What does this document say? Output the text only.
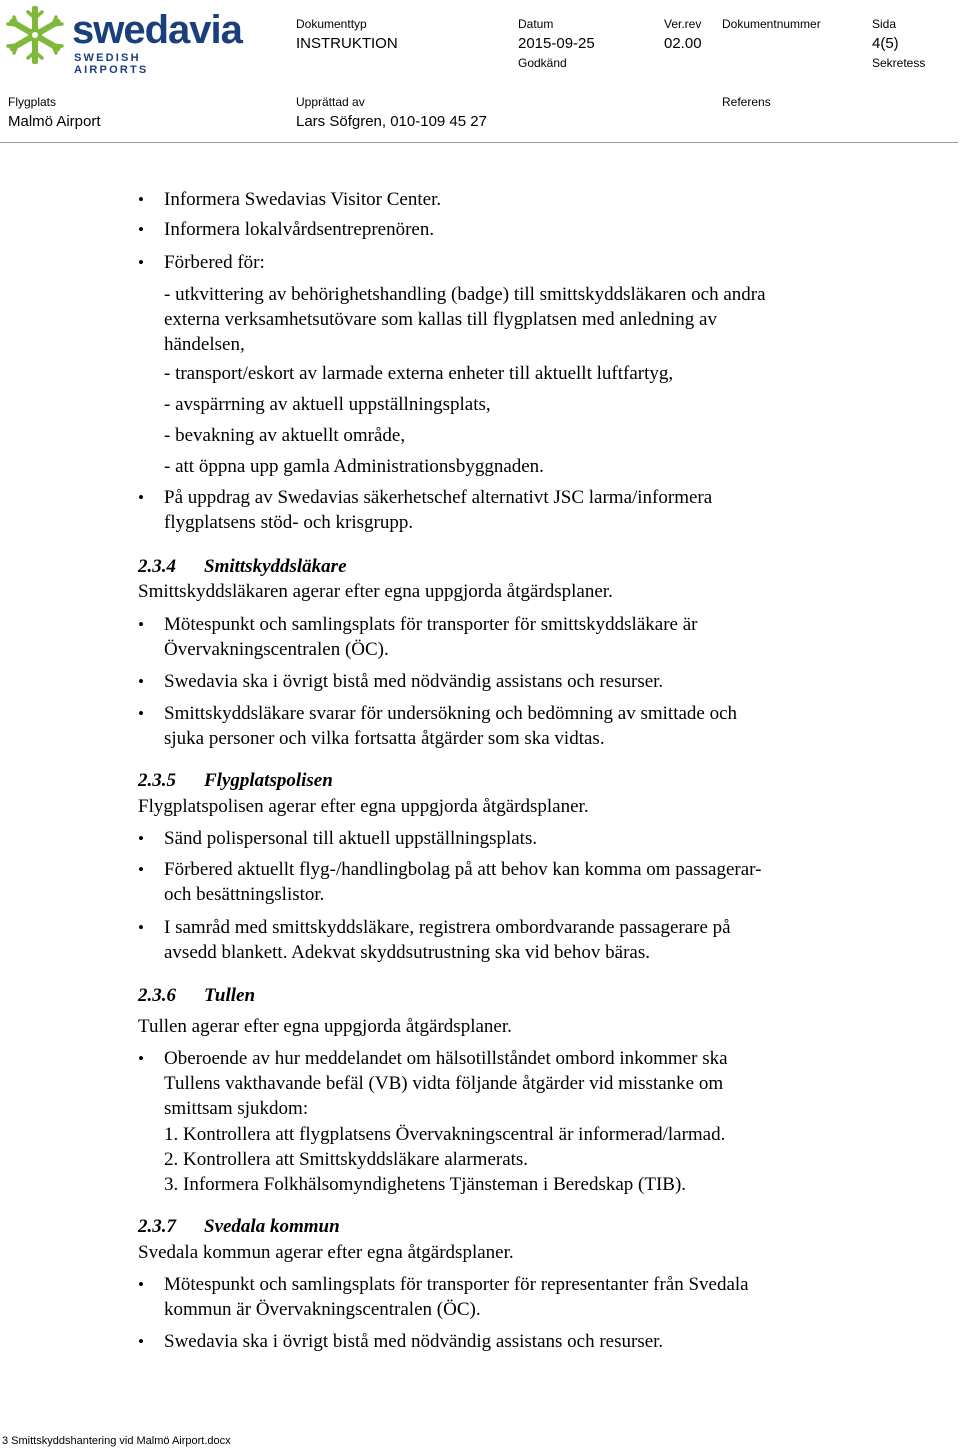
swedavia
SWEDISH AIRPORTS
Dokumenttyp
INSTRUKTION
Datum
2015-09-25
Godkänd
Ver.rev
02.00
Dokumentnummer	Sida
4(5)
Sekretess
Flygplats
Malmö Airport
Upprättad av
Lars Söfgren, 010-109 45 27
Referens
• Informera Swedavias Visitor Center.
• Informera lokalvårdsentreprenören.
• Förbered för:
- utkvittering av behörighetshandling (badge) till smittskyddsläkaren och andra
externa verksamhetsutövare som kallas till flygplatsen med anledning av
händelsen,
- transport/eskort av larmade externa enheter till aktuellt luftfartyg,
- avspärrning av aktuell uppställningsplats,
- bevakning av aktuellt område,
- att öppna upp gamla Administrationsbyggnaden.
• På uppdrag av Swedavias säkerhetschef alternativt JSC larma/informera
flygplatsens stöd- och krisgrupp.
2.3.4 Smittskyddsläkare
Smittskyddsläkaren agerar efter egna uppgjorda åtgärdsplaner.
• Mötespunkt och samlingsplats för transporter för smittskyddsläkare är
Övervakningscentralen (ÖC).
• Swedavia ska i övrigt bistå med nödvändig assistans och resurser.
• Smittskyddsläkare svarar för undersökning och bedömning av smittade och
sjuka personer och vilka fortsatta åtgärder som ska vidtas.
2.3.5 Flygplatspolisen
Flygplatspolisen agerar efter egna uppgjorda åtgärdsplaner.
• Sänd polispersonal till aktuell uppställningsplats.
• Förbered aktuellt flyg-/handlingbolag på att behov kan komma om passagerar-
och besättningslistor.
• I samråd med smittskyddsläkare, registrera ombordvarande passagerare på
avsedd blankett. Adekvat skyddsutrustning ska vid behov bäras.
2.3.6 Tullen
Tullen agerar efter egna uppgjorda åtgärdsplaner.
• Oberoende av hur meddelandet om hälsotillståndet ombord inkommer ska
Tullens vakthavande befäl (VB) vidta följande åtgärder vid misstanke om
smittsam sjukdom:
1. Kontrollera att flygplatsens Övervakningscentral är informerad/larmad.
2. Kontrollera att Smittskyddsläkare alarmerats.
3. Informera Folkhälsomyndighetens Tjänsteman i Beredskap (TIB).
2.3.7 Svedala kommun
Svedala kommun agerar efter egna åtgärdsplaner.
• Mötespunkt och samlingsplats för transporter för representanter från Svedala
kommun är Övervakningscentralen (ÖC).
• Swedavia ska i övrigt bistå med nödvändig assistans och resurser.
3 Smittskyddshantering vid Malmö Airport.docx
